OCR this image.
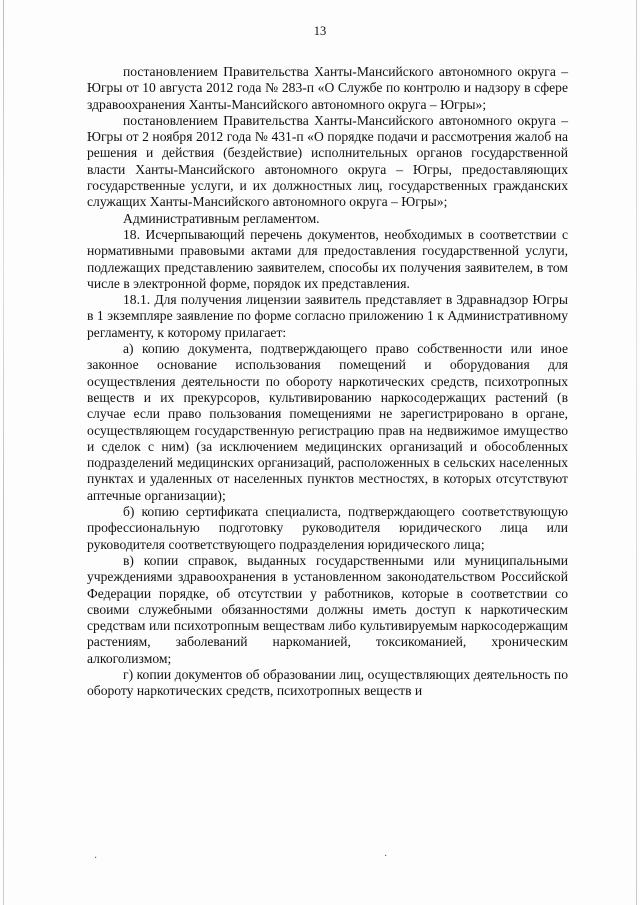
13

постановлением Правительства Ханты-Мансийского автономного округа – Югры от 10 августа 2012 года № 283-п «О Службе по контролю и надзору в сфере здравоохранения Ханты-Мансийского автономного округа – Югры»;

постановлением Правительства Ханты-Мансийского автономного округа – Югры от 2 ноября 2012 года № 431-п «О порядке подачи и рассмотрения жалоб на решения и действия (бездействие) исполнительных органов государственной власти Ханты-Мансийского автономного округа – Югры, предоставляющих государственные услуги, и их должностных лиц, государственных гражданских служащих Ханты-Мансийского автономного округа – Югры»;

Административным регламентом.

18. Исчерпывающий перечень документов, необходимых в соответствии с нормативными правовыми актами для предоставления государственной услуги, подлежащих представлению заявителем, способы их получения заявителем, в том числе в электронной форме, порядок их представления.

18.1. Для получения лицензии заявитель представляет в Здравнадзор Югры в 1 экземпляре заявление по форме согласно приложению 1 к Административному регламенту, к которому прилагает:

а) копию документа, подтверждающего право собственности или иное законное основание использования помещений и оборудования для осуществления деятельности по обороту наркотических средств, психотропных веществ и их прекурсоров, культивированию наркосодержащих растений (в случае если право пользования помещениями не зарегистрировано в органе, осуществляющем государственную регистрацию прав на недвижимое имущество и сделок с ним) (за исключением медицинских организаций и обособленных подразделений медицинских организаций, расположенных в сельских населенных пунктах и удаленных от населенных пунктов местностях, в которых отсутствуют аптечные организации);

б) копию сертификата специалиста, подтверждающего соответствующую профессиональную подготовку руководителя юридического лица или руководителя соответствующего подразделения юридического лица;

в) копии справок, выданных государственными или муниципальными учреждениями здравоохранения в установленном законодательством Российской Федерации порядке, об отсутствии у работников, которые в соответствии со своими служебными обязанностями должны иметь доступ к наркотическим средствам или психотропным веществам либо культивируемым наркосодержащим растениям, заболеваний наркоманией, токсикоманией, хроническим алкоголизмом;

г) копии документов об образовании лиц, осуществляющих деятельность по обороту наркотических средств, психотропных веществ и

·	·
